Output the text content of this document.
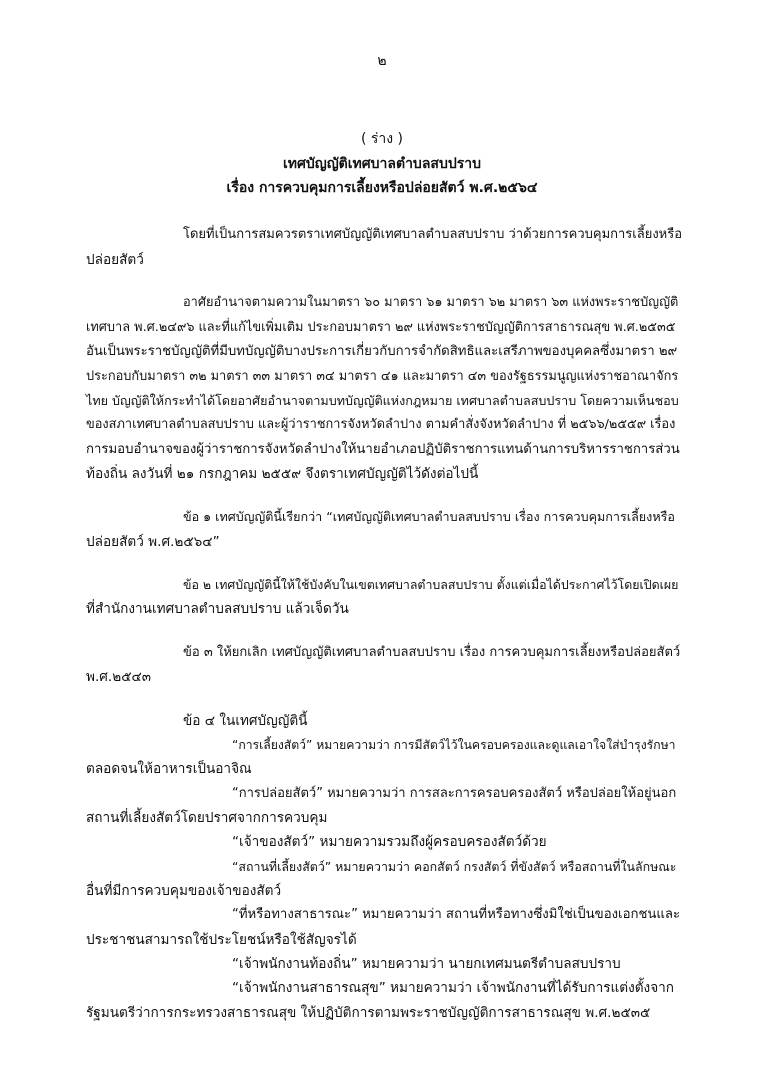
๒
( ร่าง )
เทศบัญญัติเทศบาลตำบลสบปราบ
เรื่อง การควบคุมการเลี้ยงหรือปล่อยสัตว์ พ.ศ.๒๕๖๔
โดยที่เป็นการสมควรตราเทศบัญญัติเทศบาลตำบลสบปราบ ว่าด้วยการควบคุมการเลี้ยงหรือ
ปล่อยสัตว์
อาศัยอำนาจตามความในมาตรา ๖๐ มาตรา ๖๑ มาตรา ๖๒ มาตรา ๖๓ แห่งพระราชบัญญัติ
เทศบาล พ.ศ.๒๔๙๖ และที่แก้ไขเพิ่มเติม ประกอบมาตรา ๒๙ แห่งพระราชบัญญัติการสาธารณสุข พ.ศ.๒๕๓๕
อันเป็นพระราชบัญญัติที่มีบทบัญญัติบางประการเกี่ยวกับการจำกัดสิทธิและเสรีภาพของบุคคลซึ่งมาตรา ๒๙
ประกอบกับมาตรา ๓๒ มาตรา ๓๓ มาตรา ๓๔ มาตรา ๔๑ และมาตรา ๔๓ ของรัฐธรรมนูญแห่งราชอาณาจักร
ไทย บัญญัติให้กระทำได้โดยอาศัยอำนาจตามบทบัญญัติแห่งกฎหมาย เทศบาลตำบลสบปราบ โดยความเห็นชอบ
ของสภาเทศบาลตำบลสบปราบ และผู้ว่าราชการจังหวัดลำปาง ตามคำสั่งจังหวัดลำปาง ที่ ๒๕๖๖/๒๕๕๙ เรื่อง
การมอบอำนาจของผู้ว่าราชการจังหวัดลำปางให้นายอำเภอปฏิบัติราชการแทนด้านการบริหารราชการส่วน
ท้องถิ่น ลงวันที่ ๒๑ กรกฎาคม ๒๕๕๙ จึงตราเทศบัญญัติไว้ดังต่อไปนี้
ข้อ ๑ เทศบัญญัตินี้เรียกว่า “เทศบัญญัติเทศบาลตำบลสบปราบ เรื่อง การควบคุมการเลี้ยงหรือ
ปล่อยสัตว์ พ.ศ.๒๕๖๔”
ข้อ ๒ เทศบัญญัตินี้ให้ใช้บังคับในเขตเทศบาลตำบลสบปราบ ตั้งแต่เมื่อได้ประกาศไว้โดยเปิดเผย
ที่สำนักงานเทศบาลตำบลสบปราบ แล้วเจ็ดวัน
ข้อ ๓ ให้ยกเลิก เทศบัญญัติเทศบาลตำบลสบปราบ เรื่อง การควบคุมการเลี้ยงหรือปล่อยสัตว์
พ.ศ.๒๕๔๓
ข้อ ๔ ในเทศบัญญัตินี้
“การเลี้ยงสัตว์” หมายความว่า การมีสัตว์ไว้ในครอบครองและดูแลเอาใจใส่บำรุงรักษา
ตลอดจนให้อาหารเป็นอาจิณ
“การปล่อยสัตว์” หมายความว่า การสละการครอบครองสัตว์ หรือปล่อยให้อยู่นอก
สถานที่เลี้ยงสัตว์โดยปราศจากการควบคุม
“เจ้าของสัตว์” หมายความรวมถึงผู้ครอบครองสัตว์ด้วย
“สถานที่เลี้ยงสัตว์” หมายความว่า คอกสัตว์ กรงสัตว์ ที่ขังสัตว์ หรือสถานที่ในลักษณะ
อื่นที่มีการควบคุมของเจ้าของสัตว์
“ที่หรือทางสาธารณะ” หมายความว่า สถานที่หรือทางซึ่งมิใช่เป็นของเอกชนและ
ประชาชนสามารถใช้ประโยชน์หรือใช้สัญจรได้
“เจ้าพนักงานท้องถิ่น” หมายความว่า นายกเทศมนตรีตำบลสบปราบ
“เจ้าพนักงานสาธารณสุข” หมายความว่า เจ้าพนักงานที่ได้รับการแต่งตั้งจาก
รัฐมนตรีว่าการกระทรวงสาธารณสุข ให้ปฏิบัติการตามพระราชบัญญัติการสาธารณสุข พ.ศ.๒๕๓๕
